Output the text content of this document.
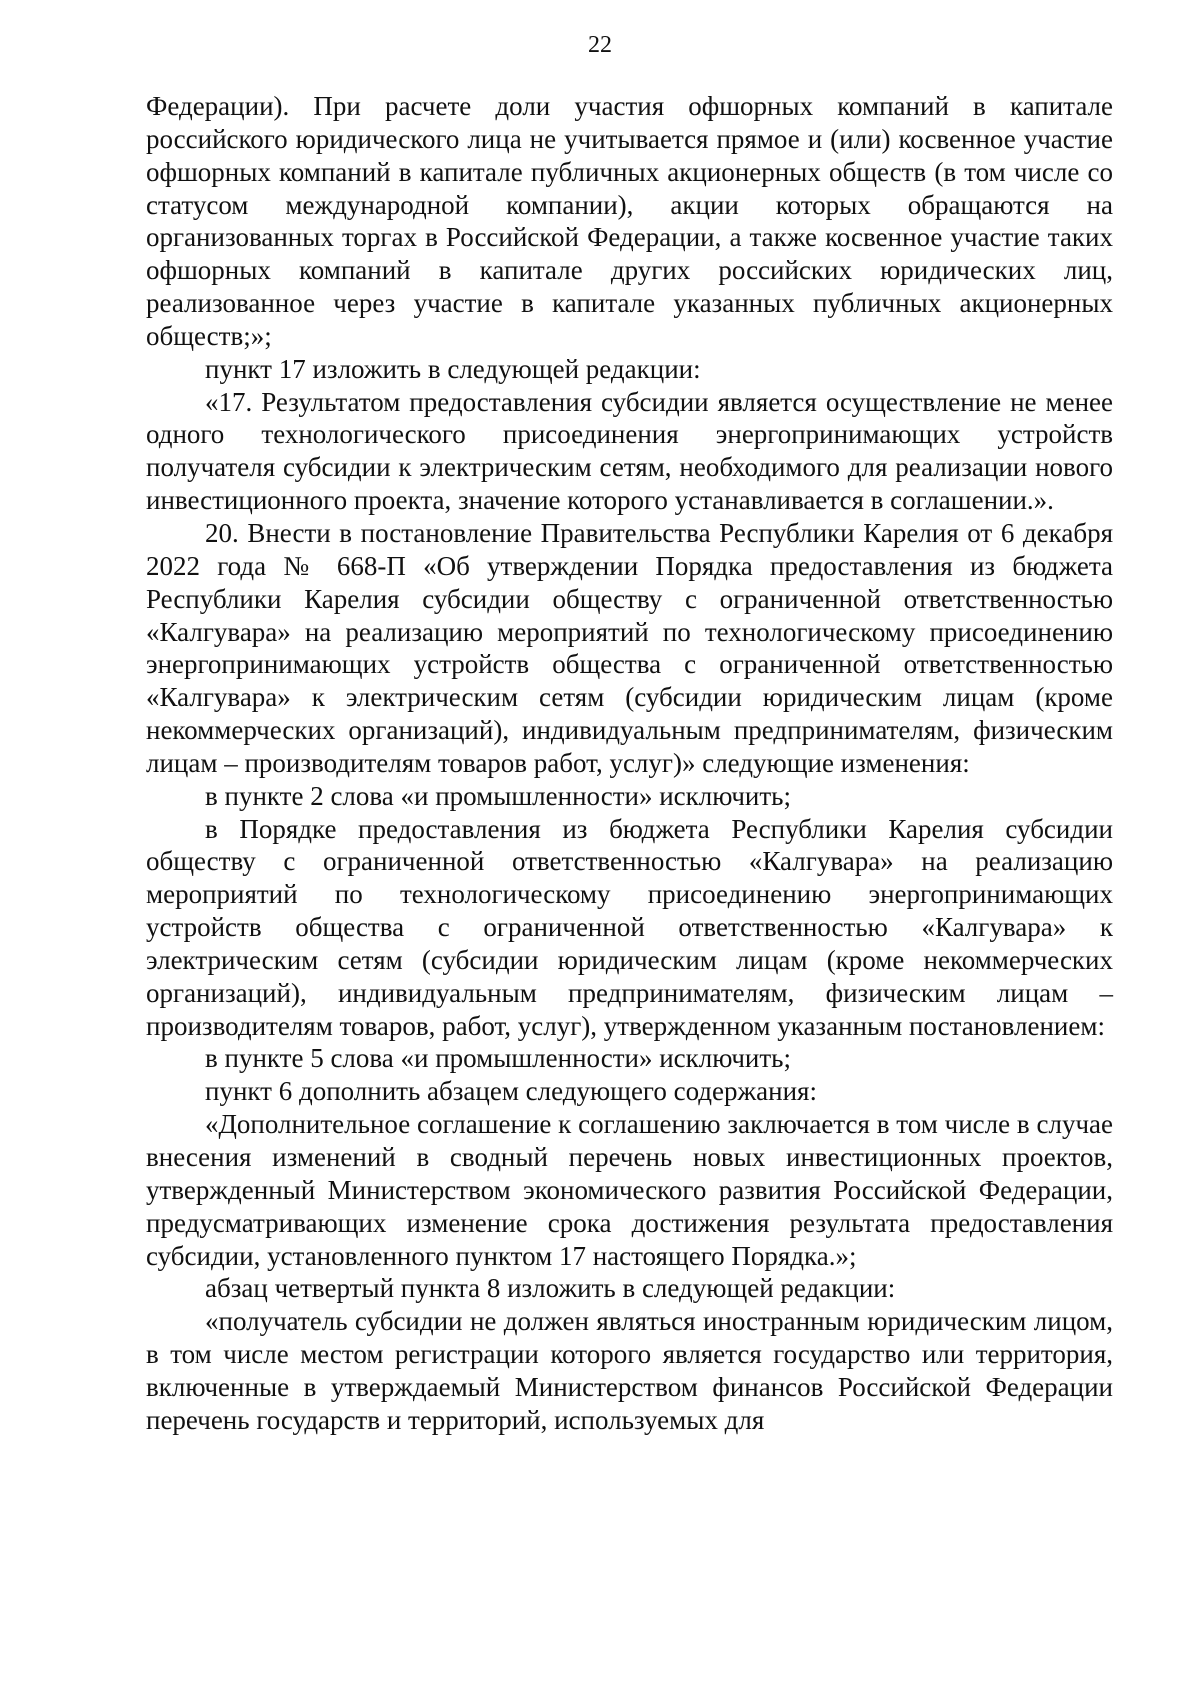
22

Федерации). При расчете доли участия офшорных компаний в капитале российского юридического лица не учитывается прямое и (или) косвенное участие офшорных компаний в капитале публичных акционерных обществ (в том числе со статусом международной компании), акции которых обращаются на организованных торгах в Российской Федерации, а также косвенное участие таких офшорных компаний в капитале других российских юридических лиц, реализованное через участие в капитале указанных публичных акционерных обществ;»;

пункт 17 изложить в следующей редакции:

«17. Результатом предоставления субсидии является осуществление не менее одного технологического присоединения энергопринимающих устройств получателя субсидии к электрическим сетям, необходимого для реализации нового инвестиционного проекта, значение которого устанавливается в соглашении.».

20. Внести в постановление Правительства Республики Карелия от 6 декабря 2022 года № 668-П «Об утверждении Порядка предоставления из бюджета Республики Карелия субсидии обществу с ограниченной ответственностью «Калгувара» на реализацию мероприятий по технологическому присоединению энергопринимающих устройств общества с ограниченной ответственностью «Калгувара» к электрическим сетям (субсидии юридическим лицам (кроме некоммерческих организаций), индивидуальным предпринимателям, физическим лицам – производителям товаров работ, услуг)» следующие изменения:

в пункте 2 слова «и промышленности» исключить;

в Порядке предоставления из бюджета Республики Карелия субсидии обществу с ограниченной ответственностью «Калгувара» на реализацию мероприятий по технологическому присоединению энергопринимающих устройств общества с ограниченной ответственностью «Калгувара» к электрическим сетям (субсидии юридическим лицам (кроме некоммерческих организаций), индивидуальным предпринимателям, физическим лицам – производителям товаров, работ, услуг), утвержденном указанным постановлением:

в пункте 5 слова «и промышленности» исключить;

пункт 6 дополнить абзацем следующего содержания:

«Дополнительное соглашение к соглашению заключается в том числе в случае внесения изменений в сводный перечень новых инвестиционных проектов, утвержденный Министерством экономического развития Российской Федерации, предусматривающих изменение срока достижения результата предоставления субсидии, установленного пунктом 17 настоящего Порядка.»;

абзац четвертый пункта 8 изложить в следующей редакции:

«получатель субсидии не должен являться иностранным юридическим лицом, в том числе местом регистрации которого является государство или территория, включенные в утверждаемый Министерством финансов Российской Федерации перечень государств и территорий, используемых для
